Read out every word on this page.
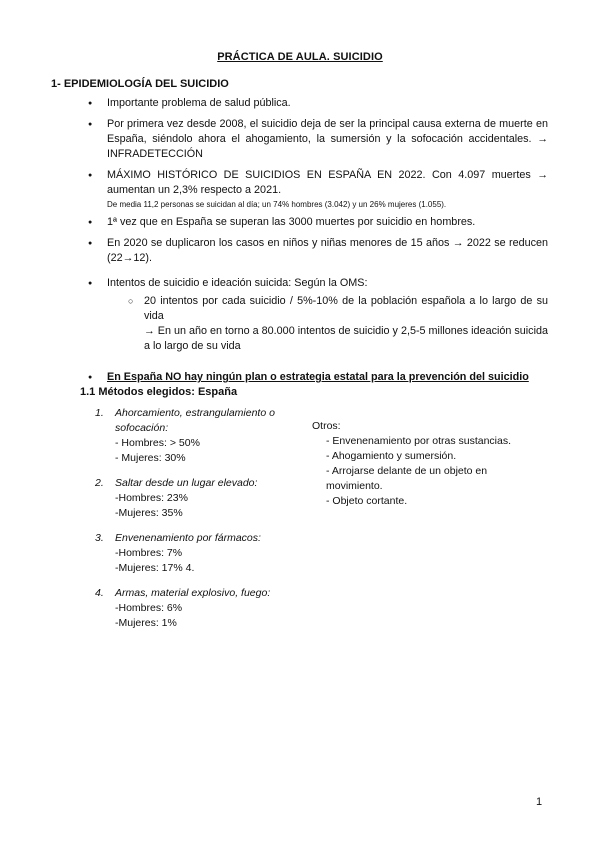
PRÁCTICA DE AULA. SUICIDIO
1- EPIDEMIOLOGÍA DEL SUICIDIO
● Importante problema de salud pública.
● Por primera vez desde 2008, el suicidio deja de ser la principal causa externa de muerte en España, siéndolo ahora el ahogamiento, la sumersión y la sofocación accidentales. → INFRADETECCIÓN
● MÁXIMO HISTÓRICO DE SUICIDIOS EN ESPAÑA EN 2022. Con 4.097 muertes → aumentan un 2,3% respecto a 2021.
De media 11,2 personas se suicidan al día; un 74% hombres (3.042) y un 26% mujeres (1.055).
● 1ª vez que en España se superan las 3000 muertes por suicidio en hombres.
● En 2020 se duplicaron los casos en niños y niñas menores de 15 años → 2022 se reducen (22→12).
● Intentos de suicidio e ideación suicida: Según la OMS:
○ 20 intentos por cada suicidio / 5%-10% de la población española a lo largo de su vida
→ En un año en torno a 80.000 intentos de suicidio y 2,5-5 millones ideación suicida a lo largo de su vida
● En España NO hay ningún plan o estrategia estatal para la prevención del suicidio
1.1 Métodos elegidos: España
1. Ahorcamiento, estrangulamiento o sofocación:
- Hombres: > 50%
- Mujeres: 30%
2. Saltar desde un lugar elevado:
-Hombres: 23%
-Mujeres: 35%
3. Envenenamiento por fármacos:
-Hombres: 7%
-Mujeres: 17% 4.
4. Armas, material explosivo, fuego:
-Hombres: 6%
-Mujeres: 1%
Otros:
- Envenenamiento por otras sustancias.
- Ahogamiento y sumersión.
- Arrojarse delante de un objeto en movimiento.
- Objeto cortante.
1
